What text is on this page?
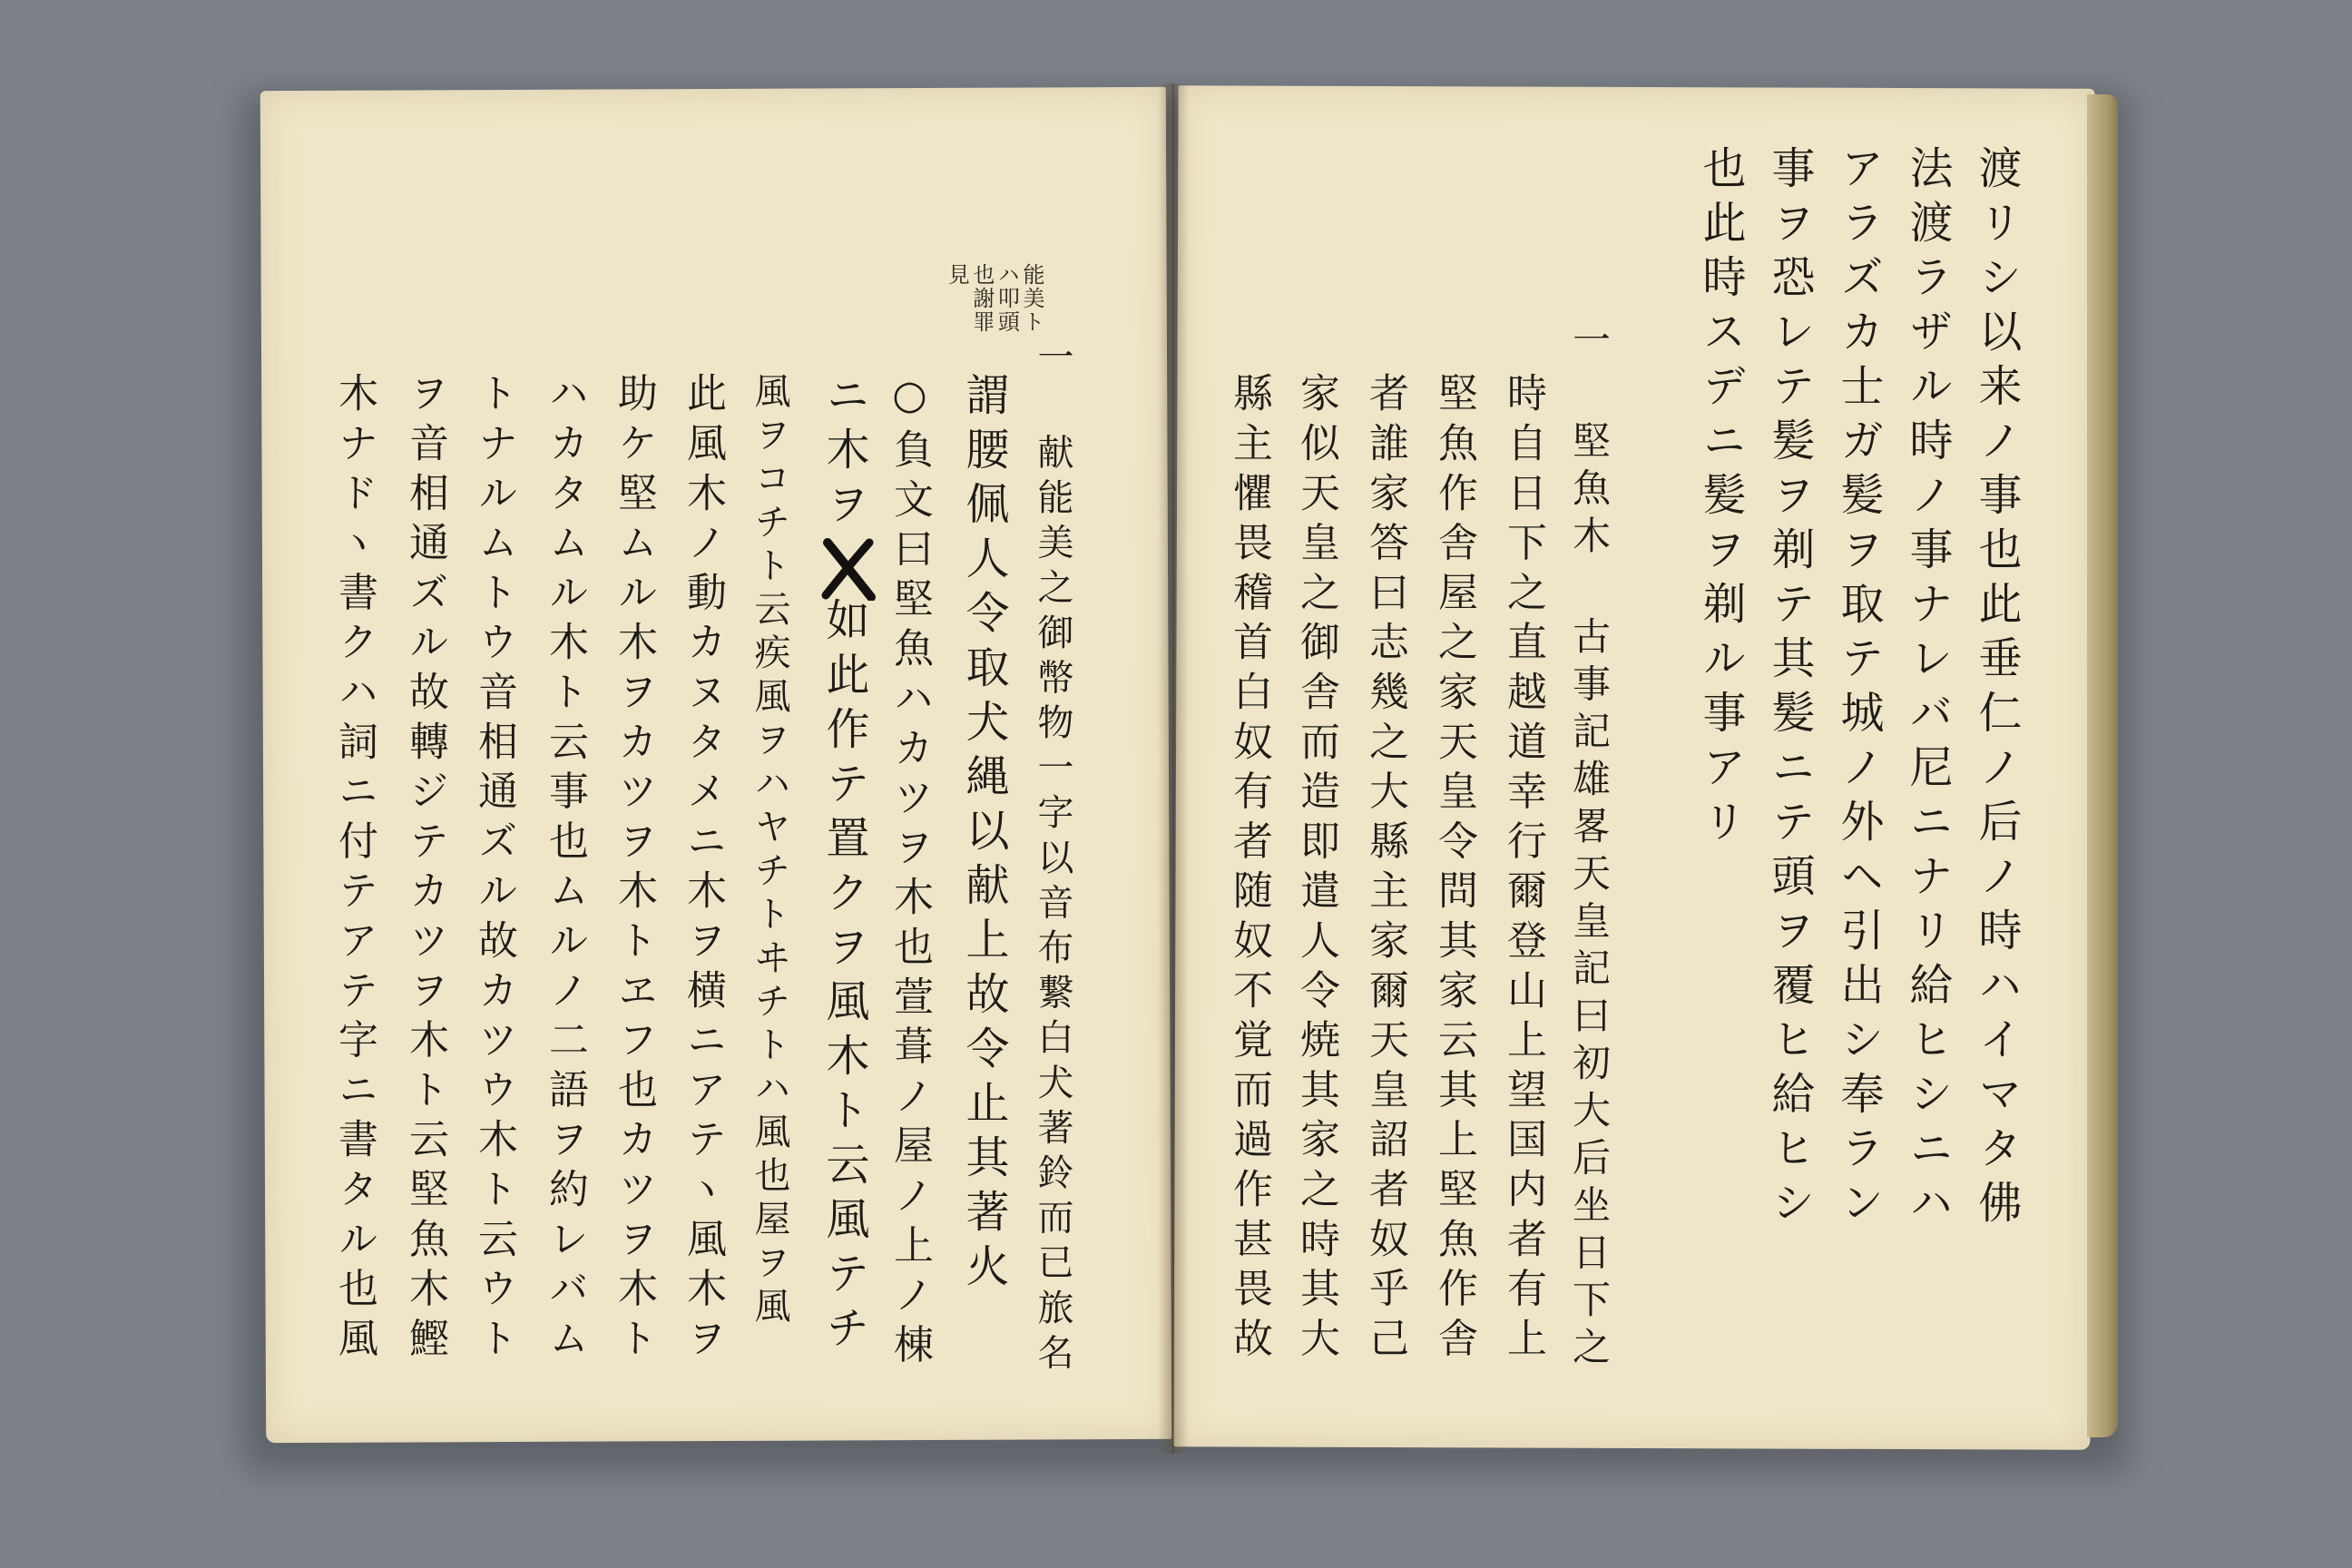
能美トハ叩頭也謝罪見
一 献能美之御幣物一字以音布繋白犬著鈴而已旅名
謂腰佩人令取犬縄以献上故令止其著火
○負文曰堅魚ハカツヲ木也萱葺ノ屋ノ上ノ棟
ニ木ヲ 如此作テ置クヲ風木ト云風テチ
風ヲコチト云疾風ヲハヤチトヰチトハ風也屋ヲ風
此風木ノ動カヌタメニ木ヲ横ニアテヽ風木ヲ
助ケ堅ムル木ヲカツヲ木トヱフ也カツヲ木ト
ハカタムル木ト云事也ムルノ二語ヲ約レバム
トナルムトウ音相通ズル故カツウ木ト云ウト
ヲ音相通ズル故轉ジテカツヲ木ト云堅魚木鰹
木ナドヽ書クハ詞ニ付テアテ字ニ書タル也風	渡リシ以来ノ事也此垂仁ノ后ノ時ハイマタ佛
法渡ラザル時ノ事ナレバ尼ニナリ給ヒシニハ
アラズカ士ガ髪ヲ取テ城ノ外ヘ引出シ奉ラン
事ヲ恐レテ髪ヲ剃テ其髪ニテ頭ヲ覆ヒ給ヒシ
也此時スデニ髪ヲ剃ル事アリ
一 堅魚木 古事記雄畧天皇記曰初大后坐日下之
時自日下之直越道幸行爾登山上望国内者有上
堅魚作舎屋之家天皇令問其家云其上堅魚作舎
者誰家答曰志幾之大縣主家爾天皇詔者奴乎己
家似天皇之御舎而造即遣人令焼其家之時其大
縣主懼畏稽首白奴有者随奴不覚而過作甚畏故
